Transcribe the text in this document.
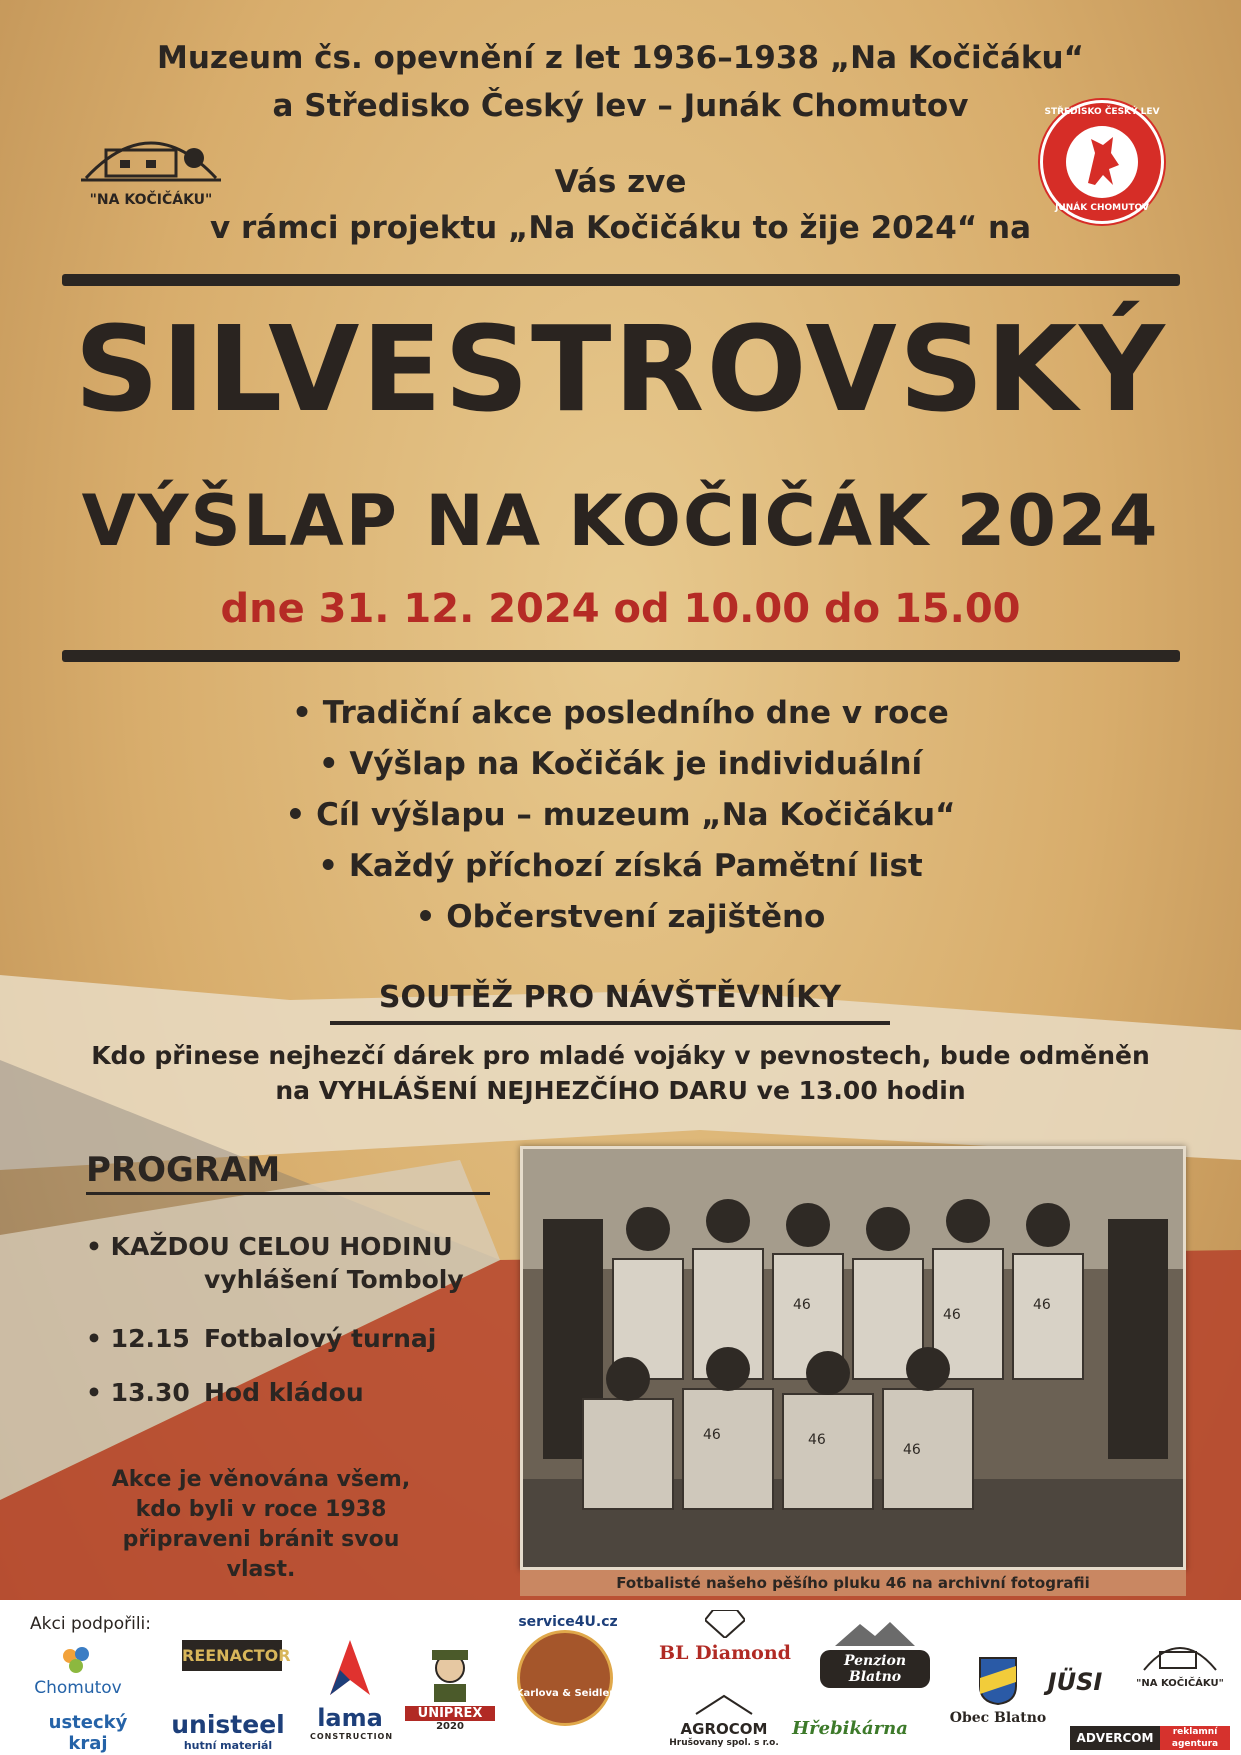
Muzeum čs. opevnění z let 1936–1938 „Na Kočičáku“
a Středisko Český lev – Junák Chomutov
Vás zve
v rámci projektu „Na Kočičáku to žije 2024“ na
"NA KOČIČÁKU"
STŘEDISKO ČESKÝ LEV
JUNÁK CHOMUTOV
SILVESTROVSKÝ
VÝŠLAP NA KOČIČÁK 2024
dne 31. 12. 2024 od 10.00 do 15.00
• Tradiční akce posledního dne v roce
• Výšlap na Kočičák je individuální
• Cíl výšlapu – muzeum „Na Kočičáku“
• Každý příchozí získá Pamětní list
• Občerstvení zajištěno
SOUTĚŽ PRO NÁVŠTĚVNÍKY
Kdo přinese nejhezčí dárek pro mladé vojáky v pevnostech, bude odměněn
na VYHLÁŠENÍ NEJHEZČÍHO DARU ve 13.00 hodin
PROGRAM
• KAŽDOU CELOU HODINU
vyhlášení Tomboly
• 12.15 Fotbalový turnaj
• 13.30 Hod kládou
Akce je věnována všem, kdo byli v roce 1938 připraveni bránit svou vlast.
46
46
46
46	46
46
Fotbalisté našeho pěšího pluku 46 na archivní fotografii
Akci podpořili:
Chomutov
ustecký kraj
REENACTOR
unisteel
hutní materiál
lama
CONSTRUCTION
UNIPREX
2020
Karlova & Seidler
service4U.cz
BL Diamond
AGROCOM
Hrušovany spol. s r.o.
Penzion Blatno
Hřebikárna	Obec Blatno
JÜSI	"NA KOČIČÁKU"
ADVERCOM	reklamní agentura
